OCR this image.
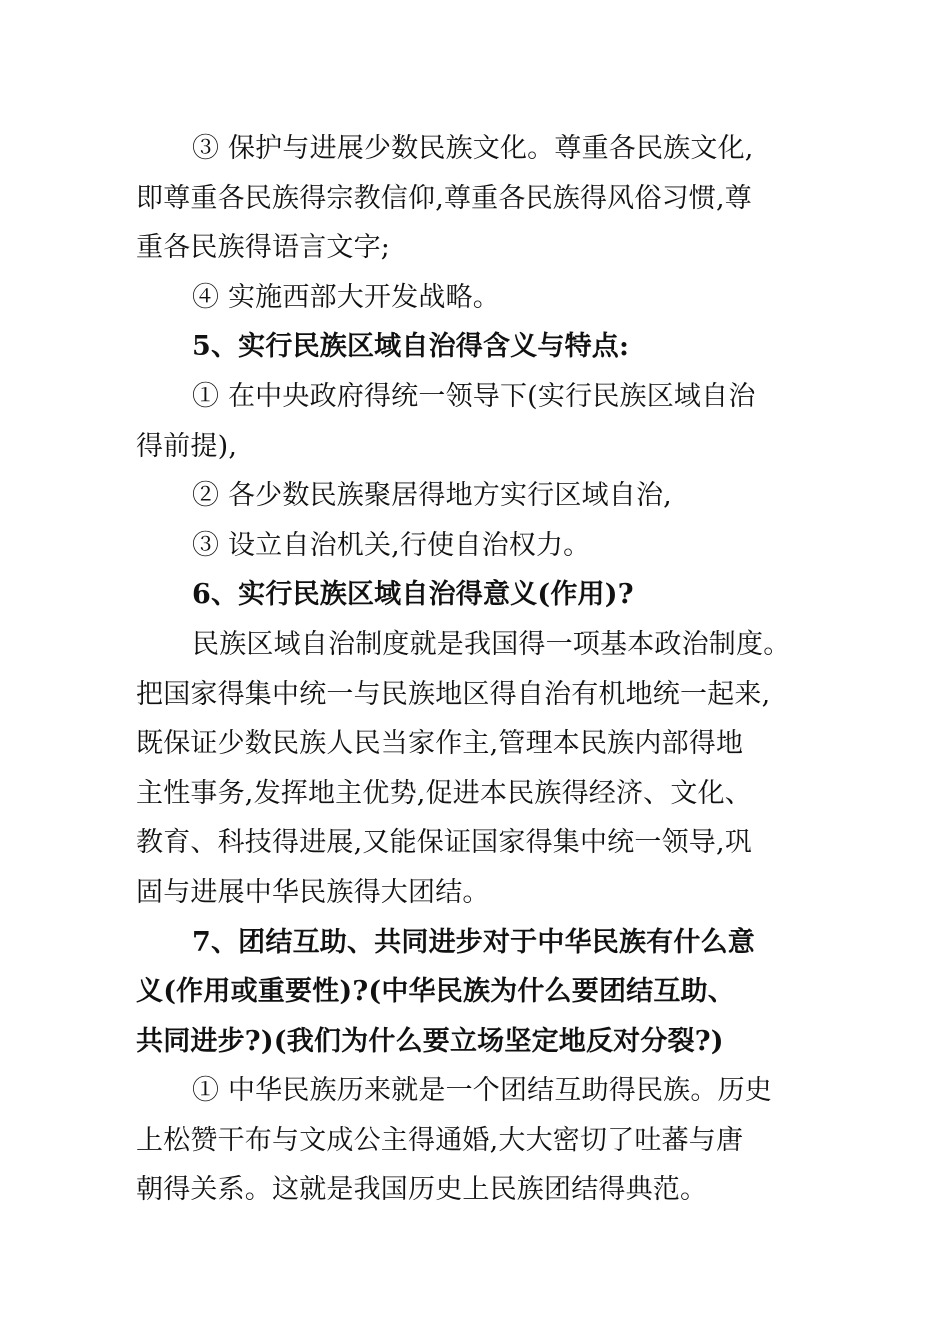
③ 保护与进展少数民族文化。尊重各民族文化,
即尊重各民族得宗教信仰,尊重各民族得风俗习惯,尊
重各民族得语言文字;
④ 实施西部大开发战略。
5、实行民族区域自治得含义与特点:
① 在中央政府得统一领导下(实行民族区域自治
得前提),
② 各少数民族聚居得地方实行区域自治,
③ 设立自治机关,行使自治权力。
6、实行民族区域自治得意义(作用)?
民族区域自治制度就是我国得一项基本政治制度。
把国家得集中统一与民族地区得自治有机地统一起来,
既保证少数民族人民当家作主,管理本民族内部得地
主性事务,发挥地主优势,促进本民族得经济、文化、
教育、科技得进展,又能保证国家得集中统一领导,巩
固与进展中华民族得大团结。
7、团结互助、共同进步对于中华民族有什么意
义(作用或重要性)?(中华民族为什么要团结互助、
共同进步?)(我们为什么要立场坚定地反对分裂?)
① 中华民族历来就是一个团结互助得民族。历史
上松赞干布与文成公主得通婚,大大密切了吐蕃与唐
朝得关系。这就是我国历史上民族团结得典范。
